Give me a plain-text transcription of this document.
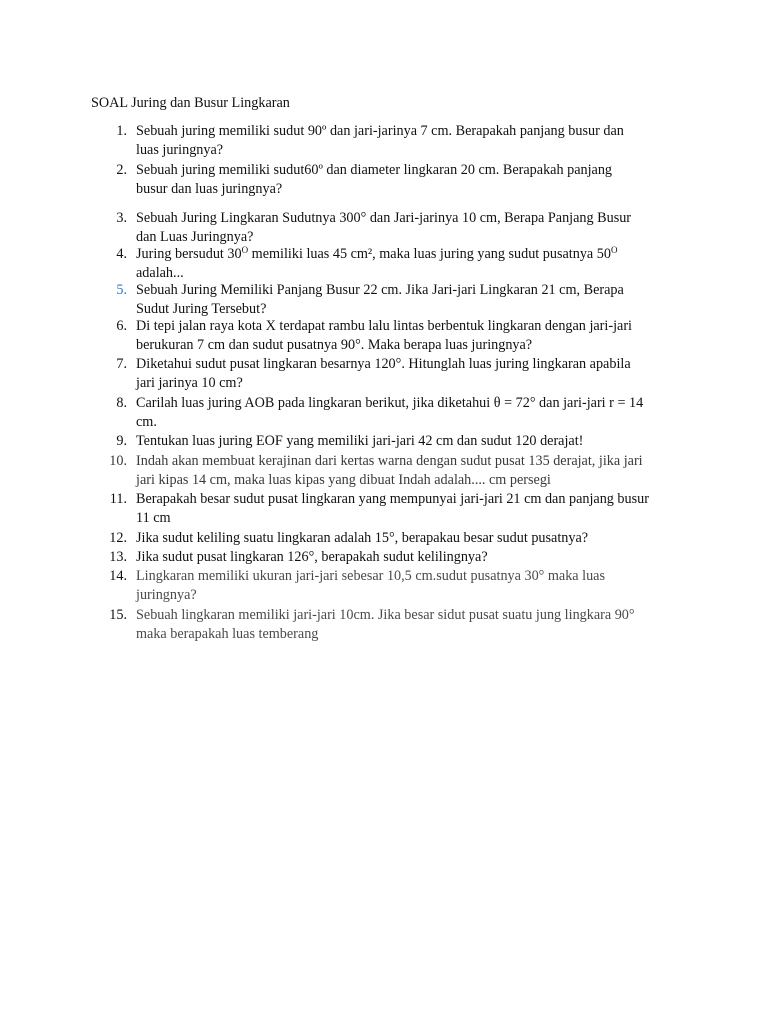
SOAL Juring dan Busur Lingkaran
1. Sebuah juring memiliki sudut 90º dan jari-jarinya 7 cm. Berapakah panjang busur dan
luas juringnya?
2. Sebuah juring memiliki sudut60º dan diameter lingkaran 20 cm. Berapakah panjang
busur dan luas juringnya?
3. Sebuah Juring Lingkaran Sudutnya 300° dan Jari-jarinya 10 cm, Berapa Panjang Busur
dan Luas Juringnya?
4. Juring bersudut $30^O$ memiliki luas 45 cm², maka luas juring yang sudut pusatnya $50^O$
adalah...
5. Sebuah Juring Memiliki Panjang Busur 22 cm. Jika Jari-jari Lingkaran 21 cm, Berapa
Sudut Juring Tersebut?
6. Di tepi jalan raya kota X terdapat rambu lalu lintas berbentuk lingkaran dengan jari-jari
berukuran 7 cm dan sudut pusatnya 90°. Maka berapa luas juringnya?
7. Diketahui sudut pusat lingkaran besarnya 120°. Hitunglah luas juring lingkaran apabila
jari jarinya 10 cm?
8. Carilah luas juring AOB pada lingkaran berikut, jika diketahui θ = 72° dan jari-jari r = 14
cm.
9. Tentukan luas juring EOF yang memiliki jari-jari 42 cm dan sudut 120 derajat!
10. Indah akan membuat kerajinan dari kertas warna dengan sudut pusat 135 derajat, jika jari
jari kipas 14 cm, maka luas kipas yang dibuat Indah adalah.... cm persegi
11. Berapakah besar sudut pusat lingkaran yang mempunyai jari-jari 21 cm dan panjang busur
11 cm
12. Jika sudut keliling suatu lingkaran adalah 15°, berapakau besar sudut pusatnya?
13. Jika sudut pusat lingkaran 126°, berapakah sudut kelilingnya?
14. Lingkaran memiliki ukuran jari-jari sebesar 10,5 cm.sudut pusatnya 30° maka luas
juringnya?
15. Sebuah lingkaran memiliki jari-jari 10cm. Jika besar sidut pusat suatu jung lingkara 90°
maka berapakah luas temberang
